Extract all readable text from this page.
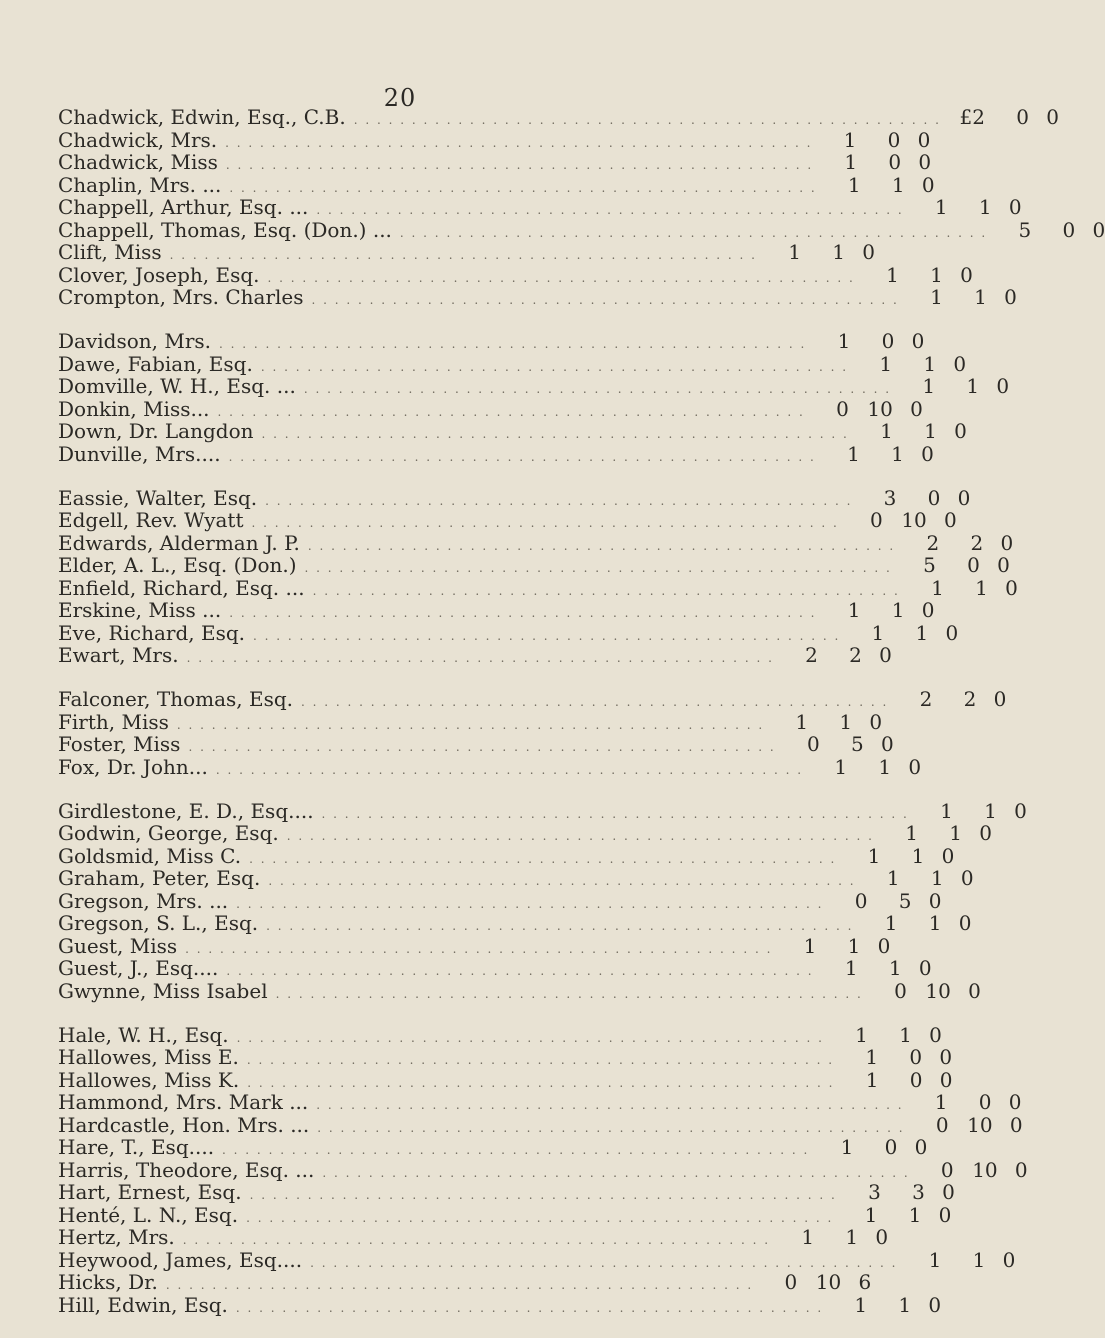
20
Chadwick, Edwin, Esq., C.B. . . . . . . . . . . . . . . . . . . . . . . . . . . . . . . . . . . . . . . . . . . . . . . . . . . . £2	0 0
Chadwick, Mrs. . . . . . . . . . . . . . . . . . . . . . . . . . . . . . . . . . . . . . . . . . . . . . . . . . . .	1	0 0
Chadwick, Miss . . . . . . . . . . . . . . . . . . . . . . . . . . . . . . . . . . . . . . . . . . . . . . . . . . .	1	0 0
Chaplin, Mrs. ... . . . . . . . . . . . . . . . . . . . . . . . . . . . . . . . . . . . . . . . . . . . . . . . . . . .	1	1 0
Chappell, Arthur, Esq. ... . . . . . . . . . . . . . . . . . . . . . . . . . . . . . . . . . . . . . . . . . . . . . . . . . . .	1	1 0
Chappell, Thomas, Esq. (Don.) ... . . . . . . . . . . . . . . . . . . . . . . . . . . . . . . . . . . . . . . . . . . . . . . . . . . .	5	0 0
Clift, Miss . . . . . . . . . . . . . . . . . . . . . . . . . . . . . . . . . . . . . . . . . . . . . . . . . . .	1	1 0
Clover, Joseph, Esq. . . . . . . . . . . . . . . . . . . . . . . . . . . . . . . . . . . . . . . . . . . . . . . . . . . .	1	1 0
Crompton, Mrs. Charles . . . . . . . . . . . . . . . . . . . . . . . . . . . . . . . . . . . . . . . . . . . . . . . . . . .	1	1 0
Davidson, Mrs. . . . . . . . . . . . . . . . . . . . . . . . . . . . . . . . . . . . . . . . . . . . . . . . . . . .	1	0 0
Dawe, Fabian, Esq. . . . . . . . . . . . . . . . . . . . . . . . . . . . . . . . . . . . . . . . . . . . . . . . . . . .	1	1 0
Domville, W. H., Esq. ... . . . . . . . . . . . . . . . . . . . . . . . . . . . . . . . . . . . . . . . . . . . . . . . . . . .	1	1 0
Donkin, Miss... . . . . . . . . . . . . . . . . . . . . . . . . . . . . . . . . . . . . . . . . . . . . . . . . . . .	0 10 0
Down, Dr. Langdon . . . . . . . . . . . . . . . . . . . . . . . . . . . . . . . . . . . . . . . . . . . . . . . . . . .	1	1 0
Dunville, Mrs.... . . . . . . . . . . . . . . . . . . . . . . . . . . . . . . . . . . . . . . . . . . . . . . . . . . .	1	1 0
Eassie, Walter, Esq. . . . . . . . . . . . . . . . . . . . . . . . . . . . . . . . . . . . . . . . . . . . . . . . . . . .	3	0 0
Edgell, Rev. Wyatt . . . . . . . . . . . . . . . . . . . . . . . . . . . . . . . . . . . . . . . . . . . . . . . . . . .	0 10 0
Edwards, Alderman J. P. . . . . . . . . . . . . . . . . . . . . . . . . . . . . . . . . . . . . . . . . . . . . . . . . . . .	2	2 0
Elder, A. L., Esq. (Don.) . . . . . . . . . . . . . . . . . . . . . . . . . . . . . . . . . . . . . . . . . . . . . . . . . . .	5	0 0
Enfield, Richard, Esq. ... . . . . . . . . . . . . . . . . . . . . . . . . . . . . . . . . . . . . . . . . . . . . . . . . . . .	1	1 0
Erskine, Miss ... . . . . . . . . . . . . . . . . . . . . . . . . . . . . . . . . . . . . . . . . . . . . . . . . . . .	1	1 0
Eve, Richard, Esq. . . . . . . . . . . . . . . . . . . . . . . . . . . . . . . . . . . . . . . . . . . . . . . . . . . .	1	1 0
Ewart, Mrs. . . . . . . . . . . . . . . . . . . . . . . . . . . . . . . . . . . . . . . . . . . . . . . . . . . .	2	2 0
Falconer, Thomas, Esq. . . . . . . . . . . . . . . . . . . . . . . . . . . . . . . . . . . . . . . . . . . . . . . . . . . .	2	2 0
Firth, Miss . . . . . . . . . . . . . . . . . . . . . . . . . . . . . . . . . . . . . . . . . . . . . . . . . . .	1	1 0
Foster, Miss . . . . . . . . . . . . . . . . . . . . . . . . . . . . . . . . . . . . . . . . . . . . . . . . . . .	0	5 0
Fox, Dr. John... . . . . . . . . . . . . . . . . . . . . . . . . . . . . . . . . . . . . . . . . . . . . . . . . . . .	1	1 0
Girdlestone, E. D., Esq.... . . . . . . . . . . . . . . . . . . . . . . . . . . . . . . . . . . . . . . . . . . . . . . . . . . .	1	1 0
Godwin, George, Esq. . . . . . . . . . . . . . . . . . . . . . . . . . . . . . . . . . . . . . . . . . . . . . . . . . . .	1	1 0
Goldsmid, Miss C. . . . . . . . . . . . . . . . . . . . . . . . . . . . . . . . . . . . . . . . . . . . . . . . . . . .	1	1 0
Graham, Peter, Esq. . . . . . . . . . . . . . . . . . . . . . . . . . . . . . . . . . . . . . . . . . . . . . . . . . . .	1	1 0
Gregson, Mrs. ... . . . . . . . . . . . . . . . . . . . . . . . . . . . . . . . . . . . . . . . . . . . . . . . . . . .	0	5 0
Gregson, S. L., Esq. . . . . . . . . . . . . . . . . . . . . . . . . . . . . . . . . . . . . . . . . . . . . . . . . . . .	1	1 0
Guest, Miss . . . . . . . . . . . . . . . . . . . . . . . . . . . . . . . . . . . . . . . . . . . . . . . . . . .	1	1 0
Guest, J., Esq.... . . . . . . . . . . . . . . . . . . . . . . . . . . . . . . . . . . . . . . . . . . . . . . . . . . .	1	1 0
Gwynne, Miss Isabel . . . . . . . . . . . . . . . . . . . . . . . . . . . . . . . . . . . . . . . . . . . . . . . . . . .	0 10 0
Hale, W. H., Esq. . . . . . . . . . . . . . . . . . . . . . . . . . . . . . . . . . . . . . . . . . . . . . . . . . . .	1	1 0
Hallowes, Miss E. . . . . . . . . . . . . . . . . . . . . . . . . . . . . . . . . . . . . . . . . . . . . . . . . . . .	1	0 0
Hallowes, Miss K. . . . . . . . . . . . . . . . . . . . . . . . . . . . . . . . . . . . . . . . . . . . . . . . . . . .	1	0 0
Hammond, Mrs. Mark ... . . . . . . . . . . . . . . . . . . . . . . . . . . . . . . . . . . . . . . . . . . . . . . . . . . .	1	0 0
Hardcastle, Hon. Mrs. ... . . . . . . . . . . . . . . . . . . . . . . . . . . . . . . . . . . . . . . . . . . . . . . . . . . .	0 10 0
Hare, T., Esq.... . . . . . . . . . . . . . . . . . . . . . . . . . . . . . . . . . . . . . . . . . . . . . . . . . . .	1	0 0
Harris, Theodore, Esq. ... . . . . . . . . . . . . . . . . . . . . . . . . . . . . . . . . . . . . . . . . . . . . . . . . . . .	0 10 0
Hart, Ernest, Esq. . . . . . . . . . . . . . . . . . . . . . . . . . . . . . . . . . . . . . . . . . . . . . . . . . . .	3	3 0
Henté, L. N., Esq. . . . . . . . . . . . . . . . . . . . . . . . . . . . . . . . . . . . . . . . . . . . . . . . . . . .	1	1 0
Hertz, Mrs. . . . . . . . . . . . . . . . . . . . . . . . . . . . . . . . . . . . . . . . . . . . . . . . . . . .	1	1 0
Heywood, James, Esq.... . . . . . . . . . . . . . . . . . . . . . . . . . . . . . . . . . . . . . . . . . . . . . . . . . . .	1	1 0
Hicks, Dr. . . . . . . . . . . . . . . . . . . . . . . . . . . . . . . . . . . . . . . . . . . . . . . . . . . .	0 10 6
Hill, Edwin, Esq. . . . . . . . . . . . . . . . . . . . . . . . . . . . . . . . . . . . . . . . . . . . . . . . . . . .	1	1 0
